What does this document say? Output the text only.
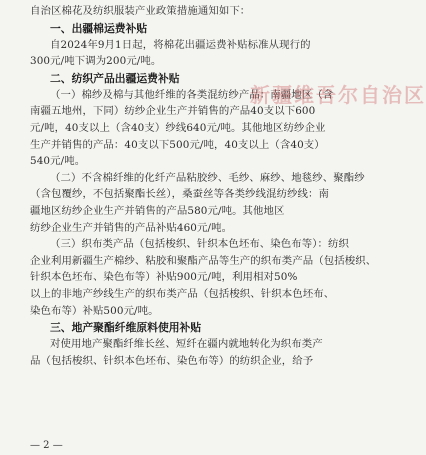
自治区棉花及纺织服装产业政策措施通知如下：
一、出疆棉运费补贴
自2024年9月1日起，将棉花出疆运费补贴标准从现行的
300元/吨下调为200元/吨。
二、纺织产品出疆运费补贴
（一）棉纱及棉与其他纤维的各类混纺纱产品：南疆地区（含
南疆五地州，下同）纺纱企业生产并销售的产品40支以下600
元/吨，40支以上（含40支）纱线640元/吨。其他地区纺纱企业
生产并销售的产品：40支以下500元/吨，40支以上（含40支）
540元/吨。
（二）不含棉纤维的化纤产品粘胶纱、毛纱、麻纱、地毯纱、聚酯纱
（含包覆纱，不包括聚酯长丝），桑蚕丝等各类纱线混纺纱线：南
疆地区纺纱企业生产并销售的产品580元/吨。其他地区
纺纱企业生产并销售的产品补贴460元/吨。
（三）织布类产品（包括梭织、针织本色坯布、染色布等）：纺织
企业利用新疆生产棉纱、粘胶和聚酯产品等生产的织布类产品（包括梭织、
针织本色坯布、染色布等）补贴900元/吨，利用相对50%
以上的非地产纱线生产的织布类产品（包括梭织、针织本色坯布、
染色布等）补贴500元/吨。
三、地产聚酯纤维原料使用补贴
对使用地产聚酯纤维长丝、短纤在疆内就地转化为织布类产
品（包括梭织、针织本色坯布、染色布等）的纺织企业，给予
新疆维吾尔自治区
— 2 —
